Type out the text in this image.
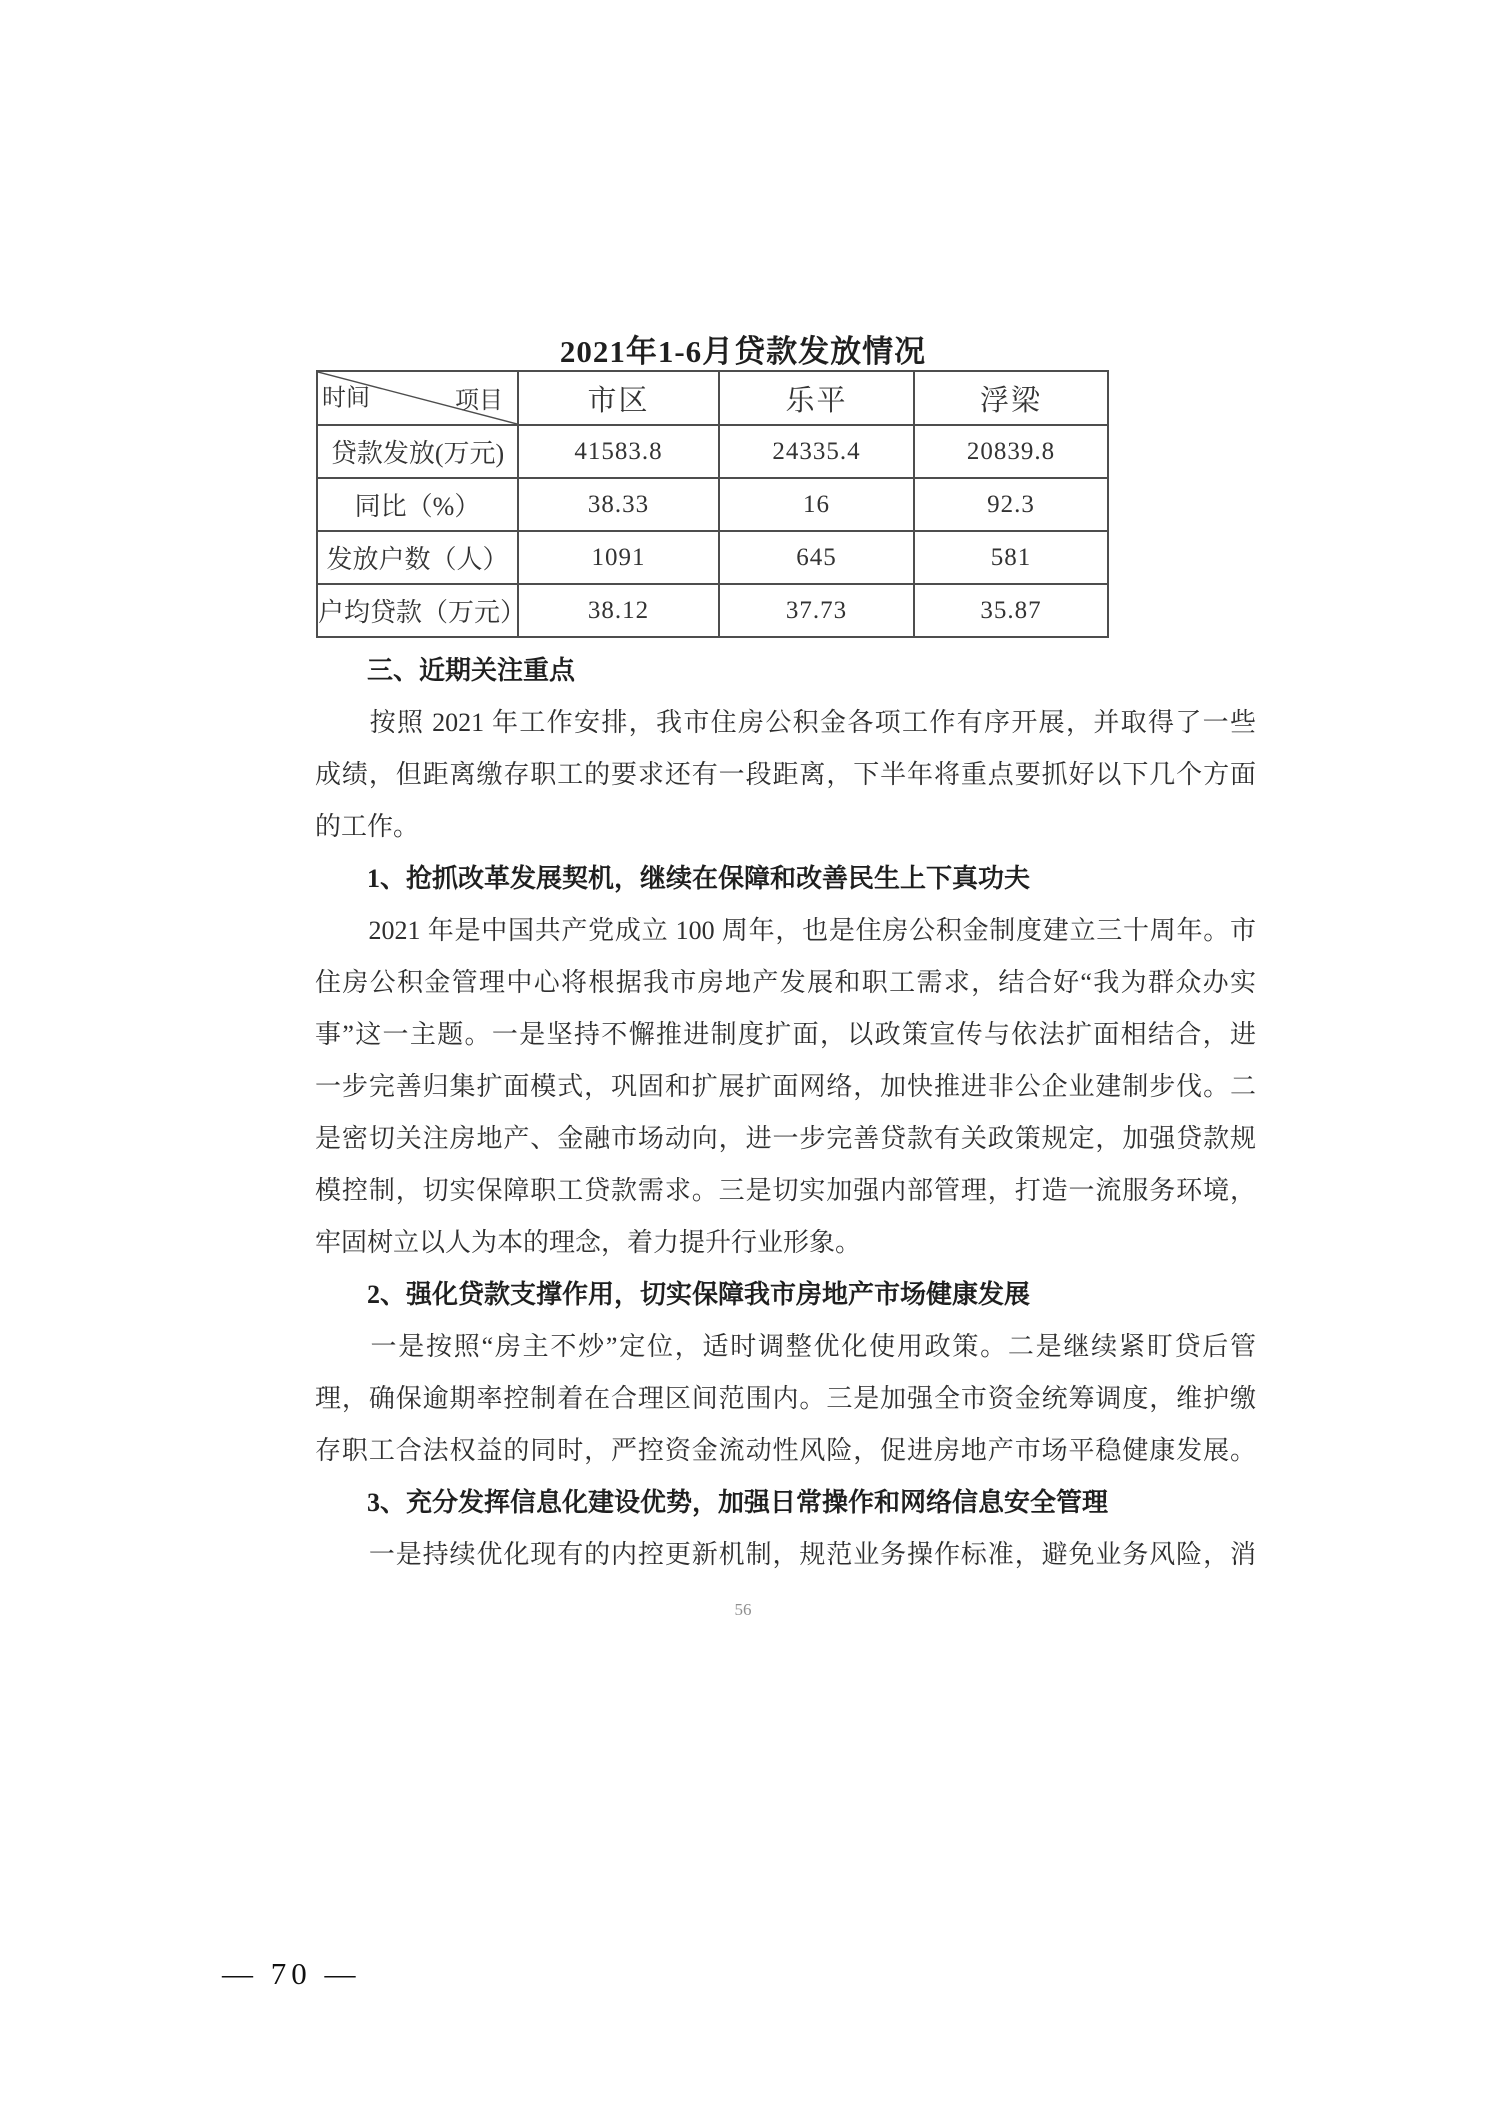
2021年1-6月贷款发放情况
时间 项目	市区	乐平	浮梁
贷款发放(万元)	41583.8	24335.4	20839.8
同比（%）	38.33	16	92.3
发放户数（人）	1091	645	581
户均贷款（万元）	38.12	37.73	35.87
　　三、近期关注重点
　　按照 2021 年工作安排，我市住房公积金各项工作有序开展，并取得了一些
成绩，但距离缴存职工的要求还有一段距离，下半年将重点要抓好以下几个方面
的工作。
　　1、抢抓改革发展契机，继续在保障和改善民生上下真功夫
　　2021 年是中国共产党成立 100 周年，也是住房公积金制度建立三十周年。市
住房公积金管理中心将根据我市房地产发展和职工需求，结合好“我为群众办实
事”这一主题。一是坚持不懈推进制度扩面，以政策宣传与依法扩面相结合，进
一步完善归集扩面模式，巩固和扩展扩面网络，加快推进非公企业建制步伐。二
是密切关注房地产、金融市场动向，进一步完善贷款有关政策规定，加强贷款规
模控制，切实保障职工贷款需求。三是切实加强内部管理，打造一流服务环境，
牢固树立以人为本的理念，着力提升行业形象。
　　2、强化贷款支撑作用，切实保障我市房地产市场健康发展
　　一是按照“房主不炒”定位，适时调整优化使用政策。二是继续紧盯贷后管
理，确保逾期率控制着在合理区间范围内。三是加强全市资金统筹调度，维护缴
存职工合法权益的同时，严控资金流动性风险，促进房地产市场平稳健康发展。
　　3、充分发挥信息化建设优势，加强日常操作和网络信息安全管理
　　一是持续优化现有的内控更新机制，规范业务操作标准，避免业务风险，消
56
— 70 —
